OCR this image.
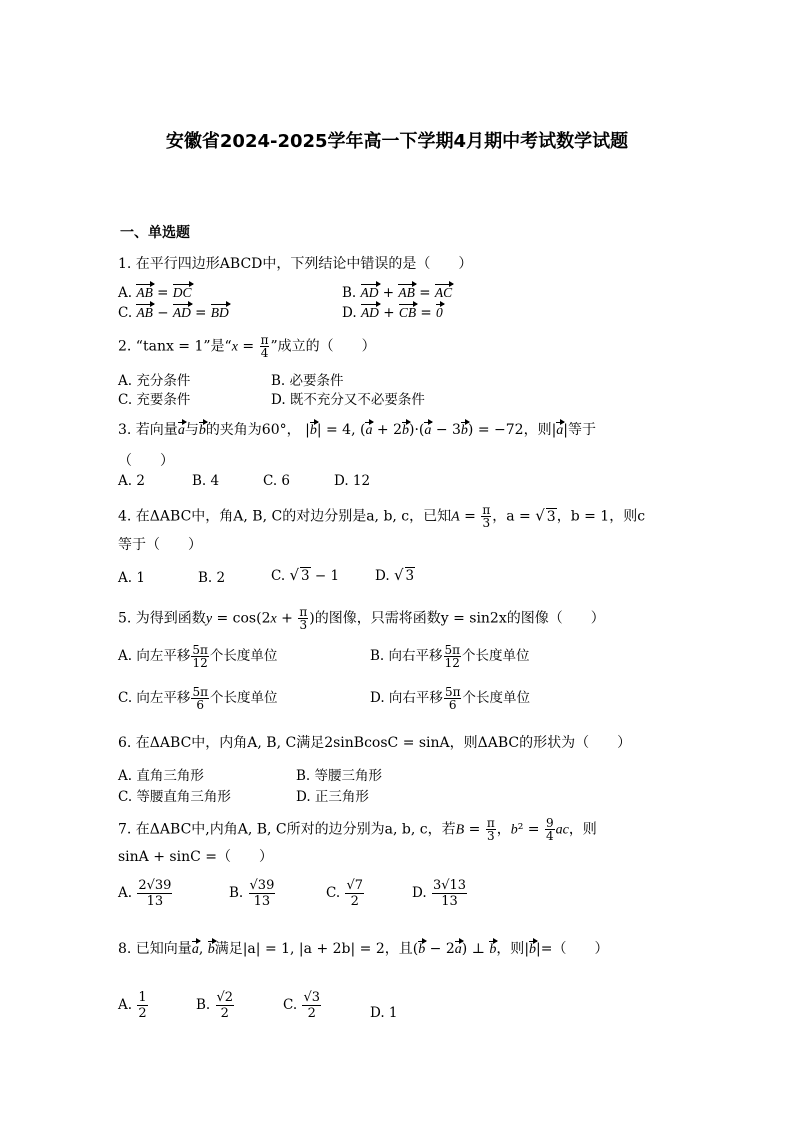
安徽省2024-2025学年高一下学期4月期中考试数学试题
一、单选题
1. 在平行四边形ABCD中，下列结论中错误的是（　　）
A. AB = DC	B. AD + AB = AC
C. AB − AD = BD	D. AD + CB = 0
2. “tanx = 1”是“$x = \frac{\pi}{4}$ ”成立的（　　）
A. 充分条件	B. 必要条件
C. 充要条件	D. 既不充分又不必要条件
3. 若向量a与b的夹角为60°， |b| = 4, (a + 2b)·(a − 3b) = −72，则|a|等于
（　　）
A. 2	B. 4	C. 6	D. 12
4. 在ΔABC中，角A, B, C的对边分别是a, b, c，已知$A = \frac{\pi}{3}$ ，a = √ 3，b = 1，则c
等于（　　）
A. 1	B. 2	C. √ 3 − 1	D. √ 3
5. 为得到函数$y = \cos(2x + \frac{\pi}{3}$ )的图像，只需将函数y = sin2x的图像（　　）
A. 向左平移 $\frac{5\pi}{12}$ 个长度单位	B. 向右平移 $\frac{5\pi}{12}$ 个长度单位
C. 向左平移 $\frac{5\pi}{6}$ 个长度单位	D. 向右平移 $\frac{5\pi}{6}$ 个长度单位
6. 在ΔABC中，内角A, B, C满足2sinBcosC = sinA，则ΔABC的形状为（　　）
A. 直角三角形	B. 等腰三角形
C. 等腰直角三角形	D. 正三角形
7. 在ΔABC中,内角A, B, C所对的边分别为a, b, c，若$B = \frac{\pi}{3}$ ，$b^2 = \frac{9}{4}$ ac，则
sinA + sinC =（　　）
A. $\frac{2√39}{13}$	B. $\frac{√39}{13}$	C. $\frac{√7}{2}$	D. $\frac{3√13}{13}$
8. 已知向量a, b满足|a| = 1, |a + 2b| = 2，且(b − 2a) ⊥ b，则|b|=（　　）
A. $\frac{1}{2}$	B. $\frac{√2}{2}$	C. $\frac{√3}{2}$	D. 1
